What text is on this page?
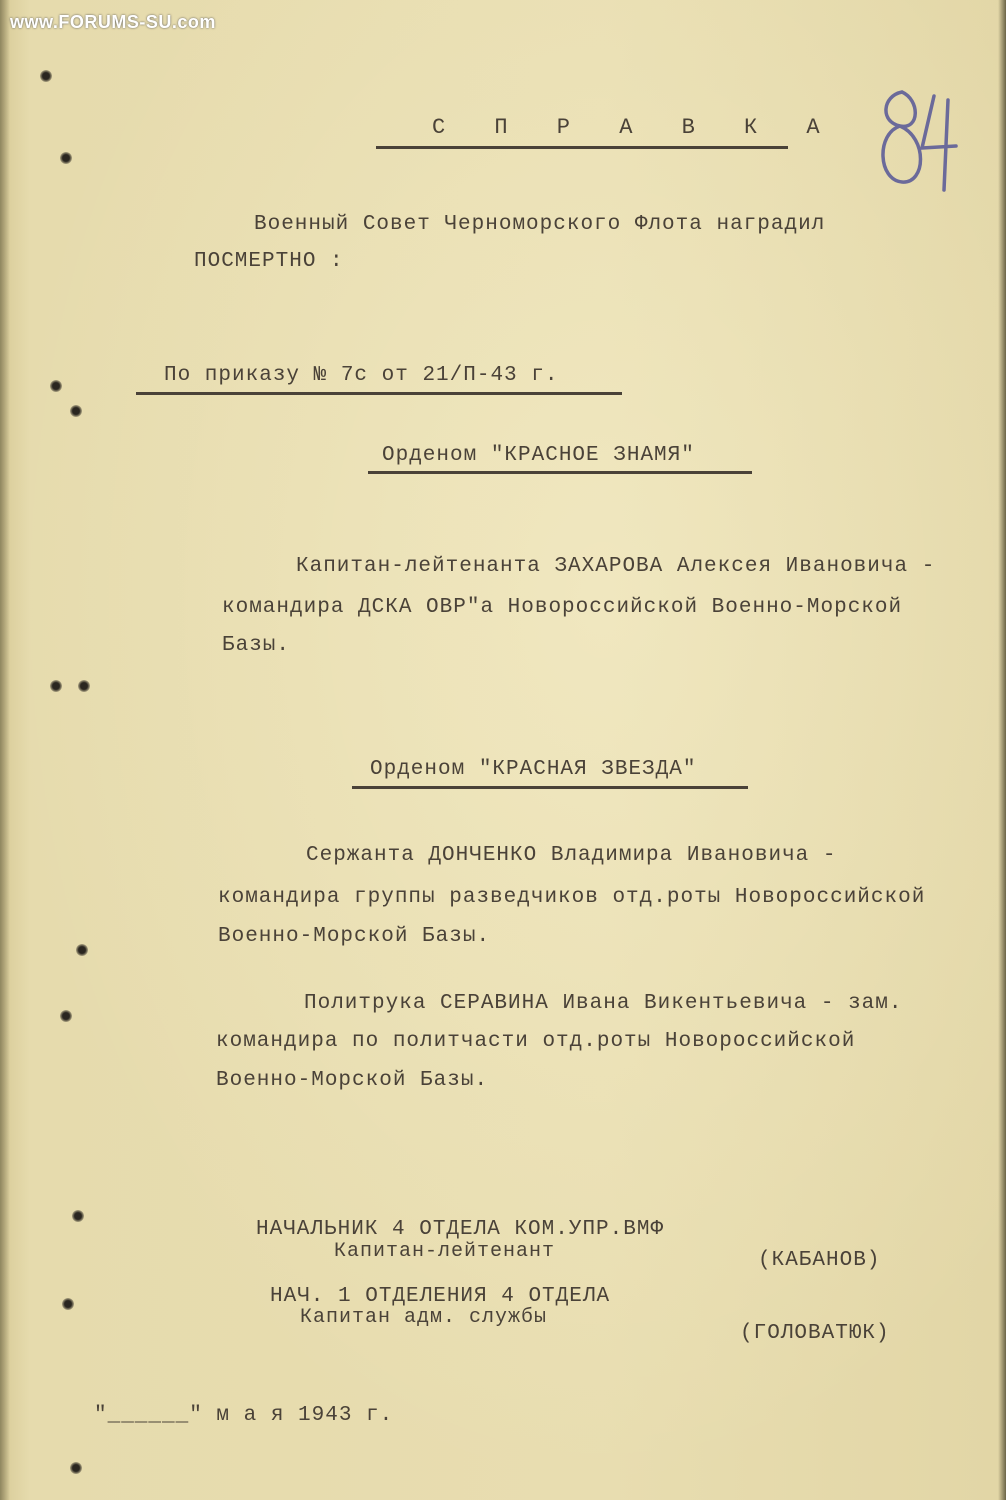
www.FORUMS-SU.com
С П Р А В К А
Военный Совет Черноморского Флота наградил
ПОСМЕРТНО :
По приказу № 7с от 21/П-43 г.
Орденом "КРАСНОЕ ЗНАМЯ"
Капитан-лейтенанта ЗАХАРОВА Алексея Ивановича -
командира ДСКА ОВР"а Новороссийской Военно-Морской
Базы.
Орденом "КРАСНАЯ ЗВЕЗДА"
Сержанта ДОНЧЕНКО Владимира Ивановича -
командира группы разведчиков отд.роты Новороссийской
Военно-Морской Базы.
Политрука СЕРАВИНА Ивана Викентьевича - зам.
командира по политчасти отд.роты Новороссийской
Военно-Морской Базы.
НАЧАЛЬНИК 4 ОТДЕЛА КОМ.УПР.ВМФ
Капитан-лейтенант	(КАБАНОВ)
НАЧ. 1 ОТДЕЛЕНИЯ 4 ОТДЕЛА
Капитан адм. службы
(ГОЛОВАТЮК)
"______" м а я 1943 г.
